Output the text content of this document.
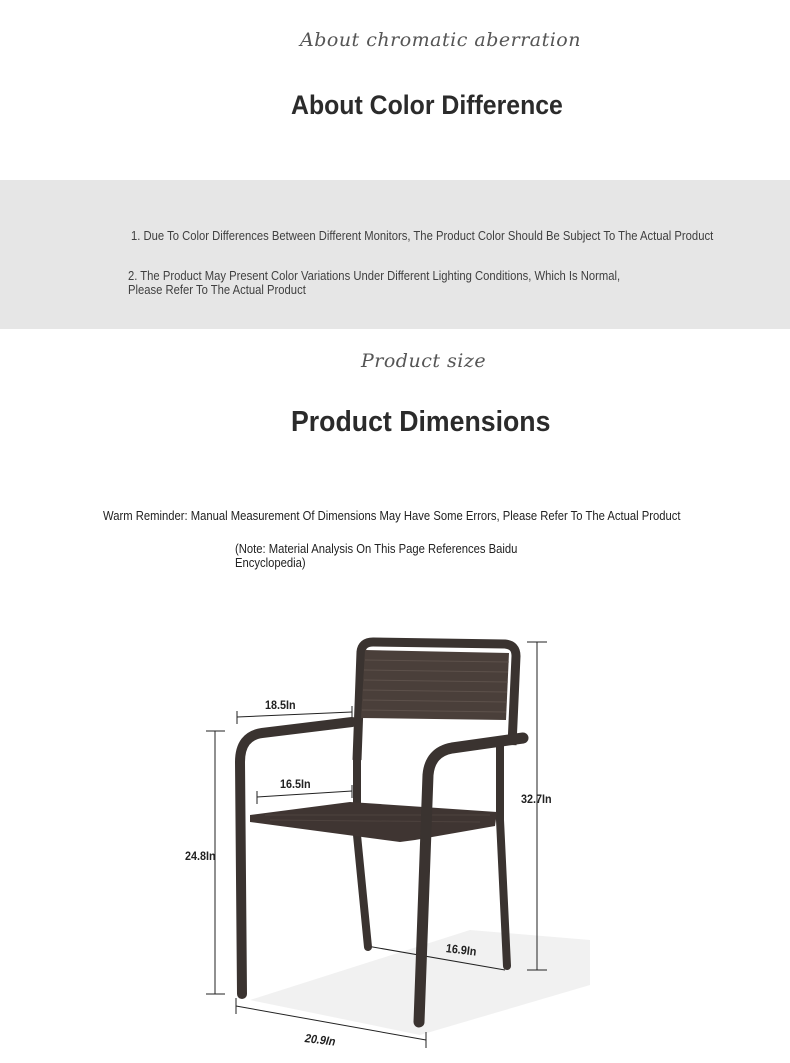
About chromatic aberration
About Color Difference
1. Due To Color Differences Between Different Monitors, The Product Color Should Be Subject To The Actual Product
2. The Product May Present Color Variations Under Different Lighting Conditions, Which Is Normal,
Please Refer To The Actual Product
Product size
Product Dimensions
Warm Reminder: Manual Measurement Of Dimensions May Have Some Errors, Please Refer To The Actual Product
(Note: Material Analysis On This Page References Baidu
Encyclopedia)
18.5In
16.5In
32.7In
24.8In
16.9In
20.9In
